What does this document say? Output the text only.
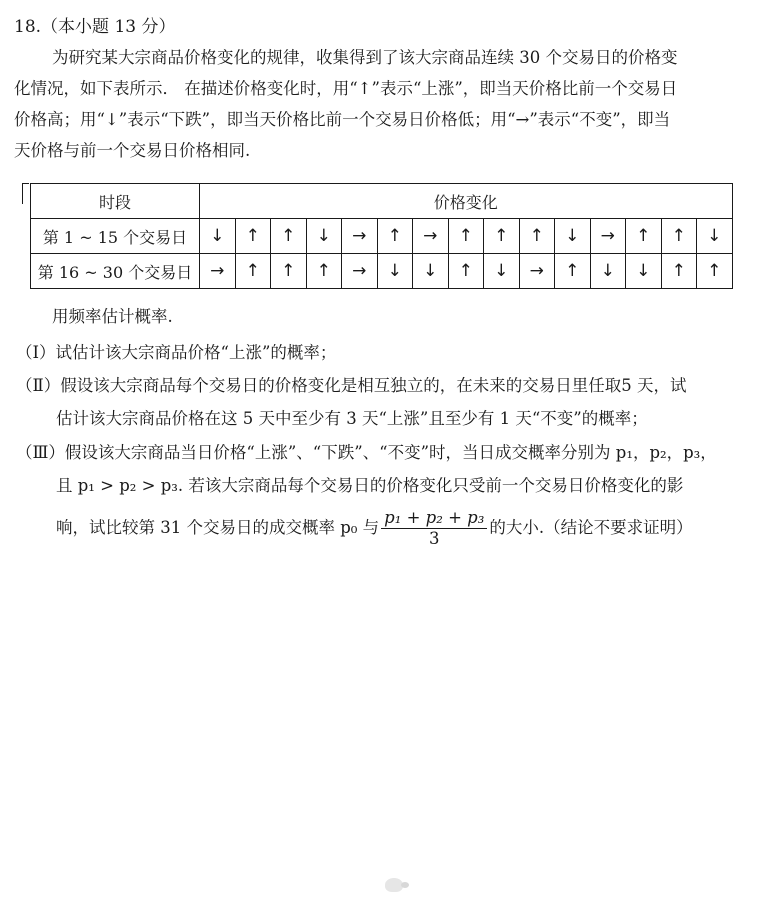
18.（本小题 13 分）
为研究某大宗商品价格变化的规律，收集得到了该大宗商品连续 30 个交易日的价格变
化情况，如下表所示． 在描述价格变化时，用“↑”表示“上涨”，即当天价格比前一个交易日
价格高；用“↓”表示“下跌”，即当天价格比前一个交易日价格低；用“→”表示“不变”，即当
天价格与前一个交易日价格相同.
时段	价格变化														
第 1 ~ 15 个交易日	↓	↑	↑	↓	→	↑	→	↑	↑	↑	↓	→	↑	↑	↓
第 16 ~ 30 个交易日	→	↑	↑	↑	→	↓	↓	↑	↓	→	↑	↓	↓	↑	↑
用频率估计概率.
（Ⅰ）试估计该大宗商品价格“上涨”的概率；
（Ⅱ）假设该大宗商品每个交易日的价格变化是相互独立的，在未来的交易日里任取5 天，试
估计该大宗商品价格在这 5 天中至少有 3 天“上涨”且至少有 1 天“不变”的概率；
（Ⅲ）假设该大宗商品当日价格“上涨”、“下跌”、“不变”时，当日成交概率分别为 p₁，p₂，p₃，
且 p₁ > p₂ > p₃. 若该大宗商品每个交易日的价格变化只受前一个交易日价格变化的影
响，试比较第 31 个交易日的成交概率 p₀ 与 $\frac{\text{p₁ + p₂ + p₃}}{3}$ 的大小.（结论不要求证明）
